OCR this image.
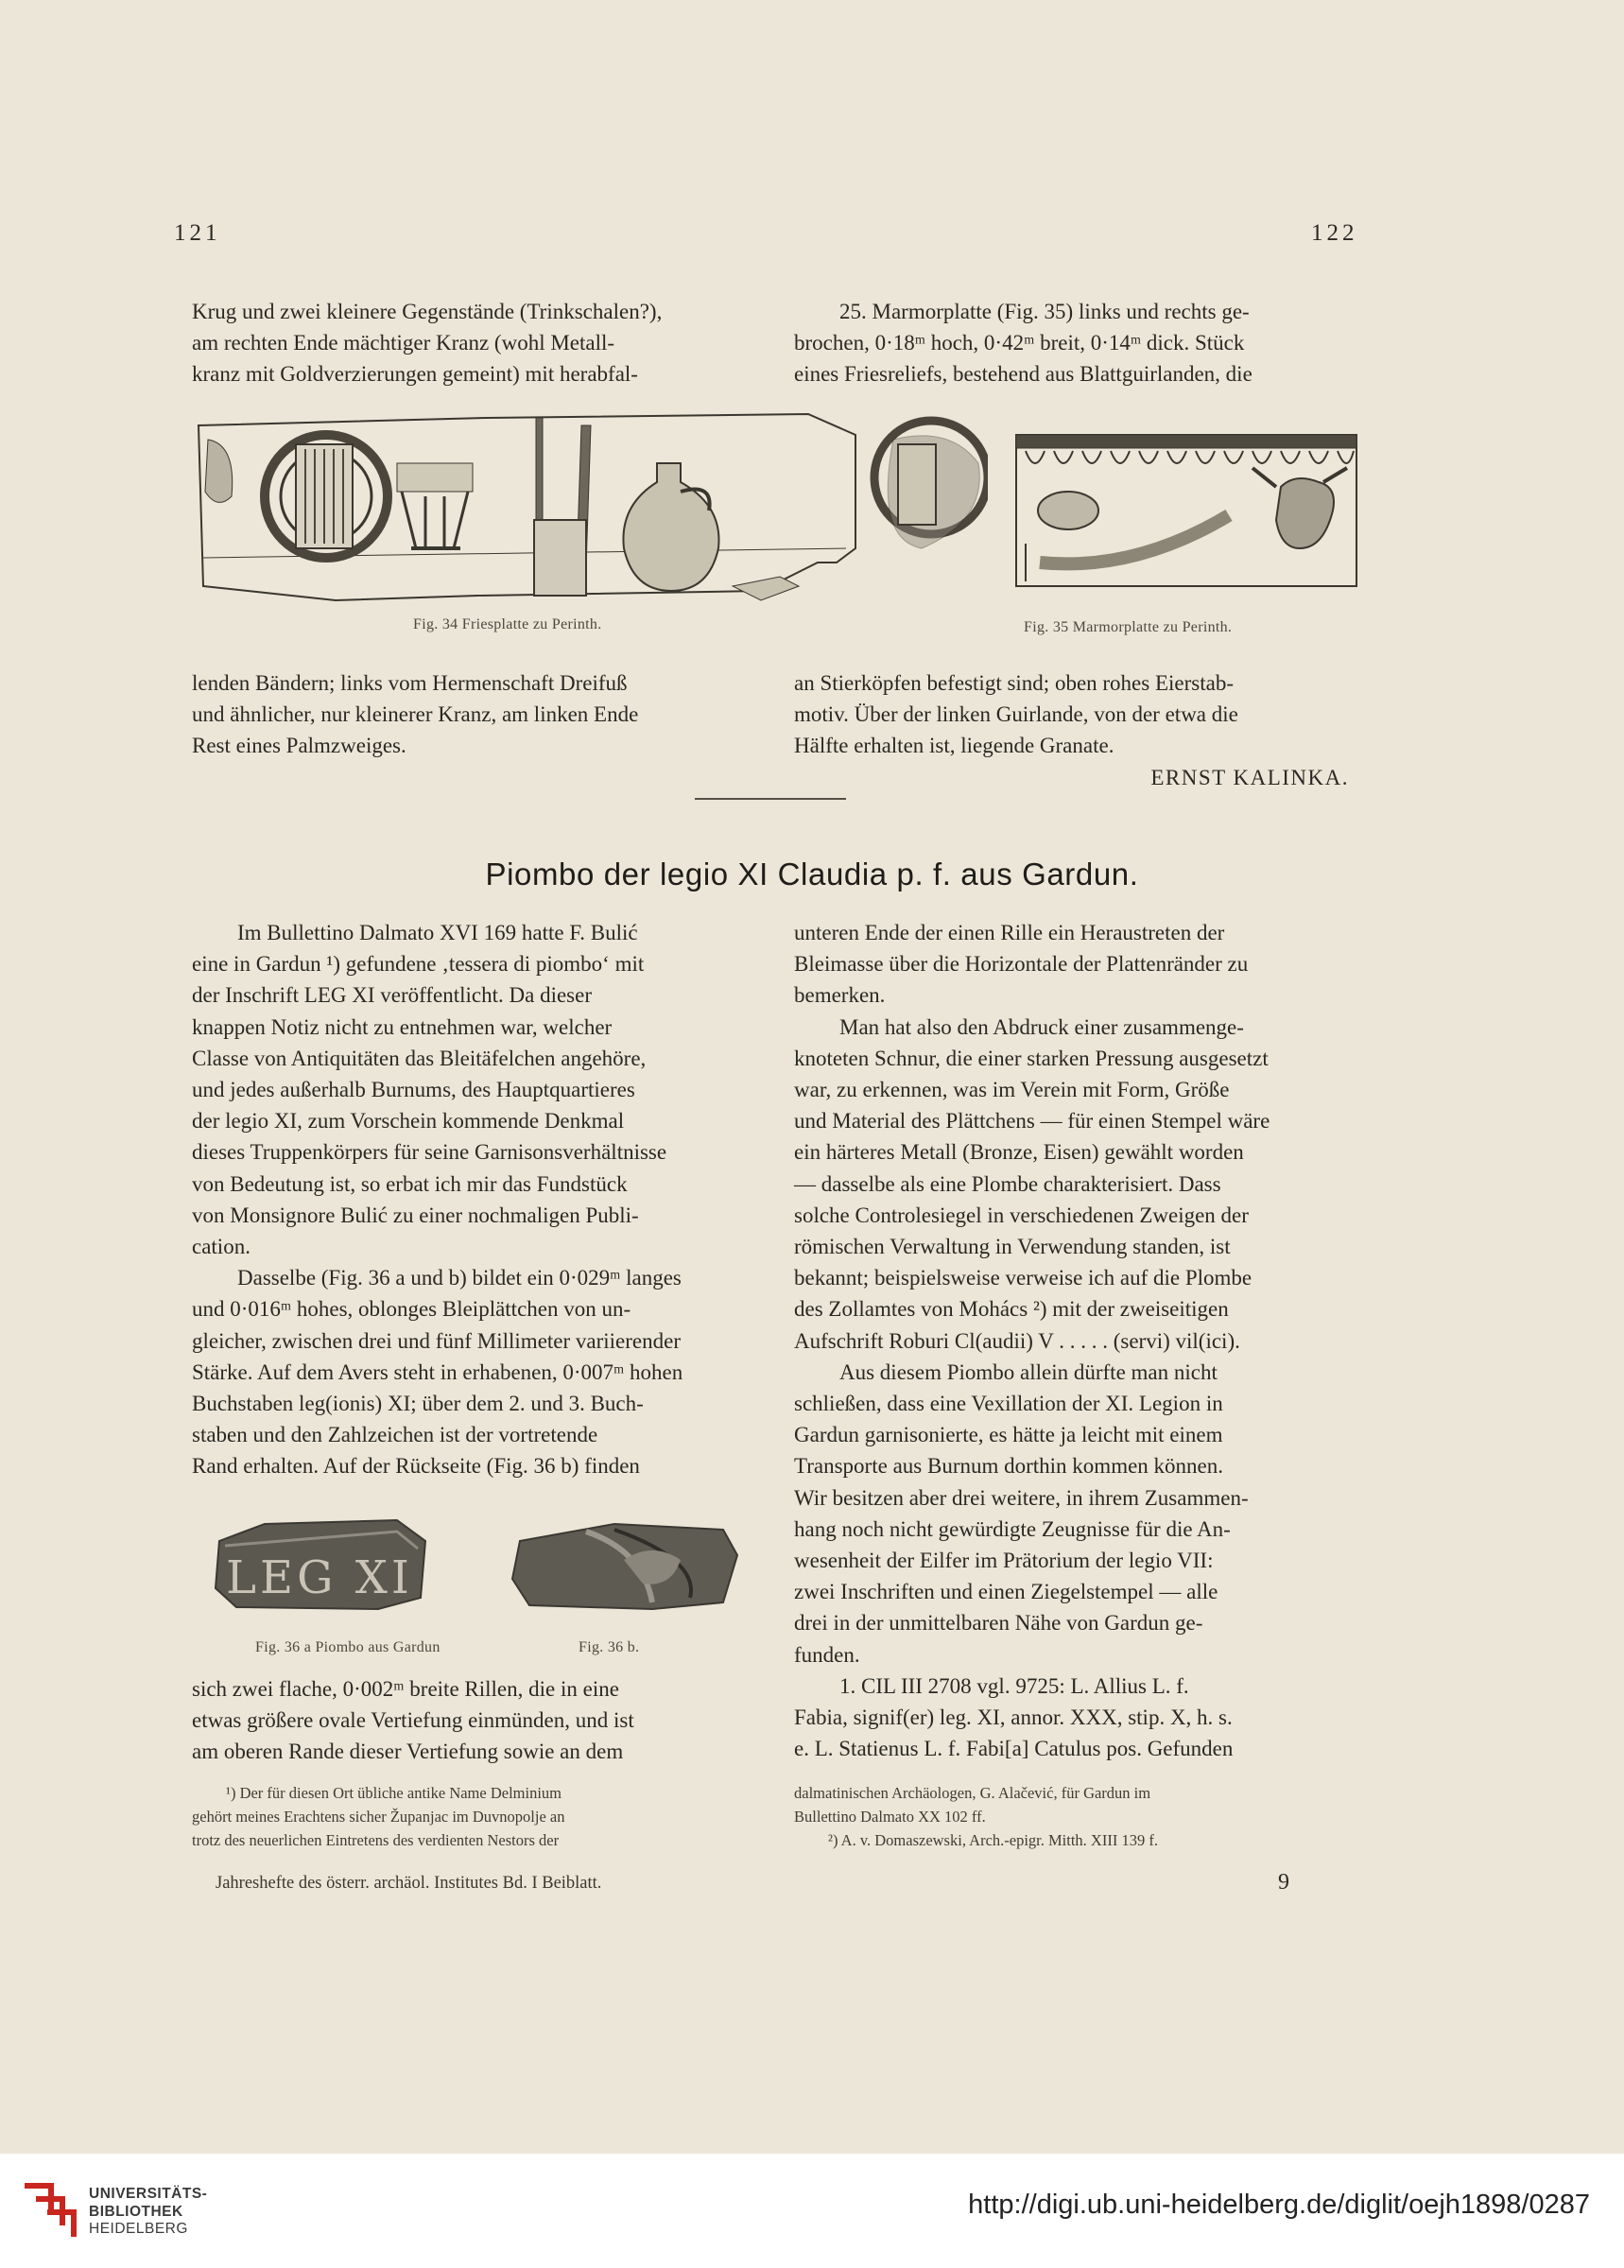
121	122

Krug und zwei kleinere Gegenstände (Trinkschalen?),

am rechten Ende mächtiger Kranz (wohl Metall-

kranz mit Goldverzierungen gemeint) mit herabfal-

25. Marmorplatte (Fig. 35) links und rechts ge-

brochen, 0·18ᵐ hoch, 0·42ᵐ breit, 0·14ᵐ dick. Stück

eines Friesreliefs, bestehend aus Blattguirlanden, die

Fig. 34 Friesplatte zu Perinth.	Fig. 35 Marmorplatte zu Perinth.

lenden Bändern; links vom Hermenschaft Dreifuß

und ähnlicher, nur kleinerer Kranz, am linken Ende

Rest eines Palmzweiges.

an Stierköpfen befestigt sind; oben rohes Eierstab-

motiv. Über der linken Guirlande, von der etwa die

Hälfte erhalten ist, liegende Granate.

ERNST KALINKA.

Piombo der legio XI Claudia p. f. aus Gardun.

Im Bullettino Dalmato XVI 169 hatte F. Bulić

eine in Gardun ¹) gefundene ‚tessera di piombo‘ mit

der Inschrift LEG XI veröffentlicht. Da dieser

knappen Notiz nicht zu entnehmen war, welcher

Classe von Antiquitäten das Bleitäfelchen angehöre,

und jedes außerhalb Burnums, des Hauptquartieres

der legio XI, zum Vorschein kommende Denkmal

dieses Truppenkörpers für seine Garnisonsverhältnisse

von Bedeutung ist, so erbat ich mir das Fundstück

von Monsignore Bulić zu einer nochmaligen Publi-

cation.

Dasselbe (Fig. 36 a und b) bildet ein 0·029ᵐ langes

und 0·016ᵐ hohes, oblonges Bleiplättchen von un-

gleicher, zwischen drei und fünf Millimeter variierender

Stärke. Auf dem Avers steht in erhabenen, 0·007ᵐ hohen

Buchstaben leg(ionis) XI; über dem 2. und 3. Buch-

staben und den Zahlzeichen ist der vortretende

Rand erhalten. Auf der Rückseite (Fig. 36 b) finden

LEG XI
Fig. 36 a Piombo aus Gardun	Fig. 36 b.

sich zwei flache, 0·002ᵐ breite Rillen, die in eine

etwas größere ovale Vertiefung einmünden, und ist

am oberen Rande dieser Vertiefung sowie an dem

unteren Ende der einen Rille ein Heraustreten der

Bleimasse über die Horizontale der Plattenränder zu

bemerken.

Man hat also den Abdruck einer zusammenge-

knoteten Schnur, die einer starken Pressung ausgesetzt

war, zu erkennen, was im Verein mit Form, Größe

und Material des Plättchens — für einen Stempel wäre

ein härteres Metall (Bronze, Eisen) gewählt worden

— dasselbe als eine Plombe charakterisiert. Dass

solche Controlesiegel in verschiedenen Zweigen der

römischen Verwaltung in Verwendung standen, ist

bekannt; beispielsweise verweise ich auf die Plombe

des Zollamtes von Mohács ²) mit der zweiseitigen

Aufschrift Roburi Cl(audii) V . . . . . (servi) vil(ici).

Aus diesem Piombo allein dürfte man nicht

schließen, dass eine Vexillation der XI. Legion in

Gardun garnisonierte, es hätte ja leicht mit einem

Transporte aus Burnum dorthin kommen können.

Wir besitzen aber drei weitere, in ihrem Zusammen-

hang noch nicht gewürdigte Zeugnisse für die An-

wesenheit der Eilfer im Prätorium der legio VII:

zwei Inschriften und einen Ziegelstempel — alle

drei in der unmittelbaren Nähe von Gardun ge-

funden.

1. CIL III 2708 vgl. 9725: L. Allius L. f.

Fabia, signif(er) leg. XI, annor. XXX, stip. X, h. s.

e. L. Statienus L. f. Fabi[a] Catulus pos. Gefunden

¹) Der für diesen Ort übliche antike Name Delminium

gehört meines Erachtens sicher Županjac im Duvnopolje an

trotz des neuerlichen Eintretens des verdienten Nestors der

dalmatinischen Archäologen, G. Alačević, für Gardun im

Bullettino Dalmato XX 102 ff.

²) A. v. Domaszewski, Arch.-epigr. Mitth. XIII 139 f.

Jahreshefte des österr. archäol. Institutes Bd. I Beiblatt.	9
UNIVERSITÄTS-
BIBLIOTHEK
HEIDELBERG
http://digi.ub.uni-heidelberg.de/diglit/oejh1898/0287
